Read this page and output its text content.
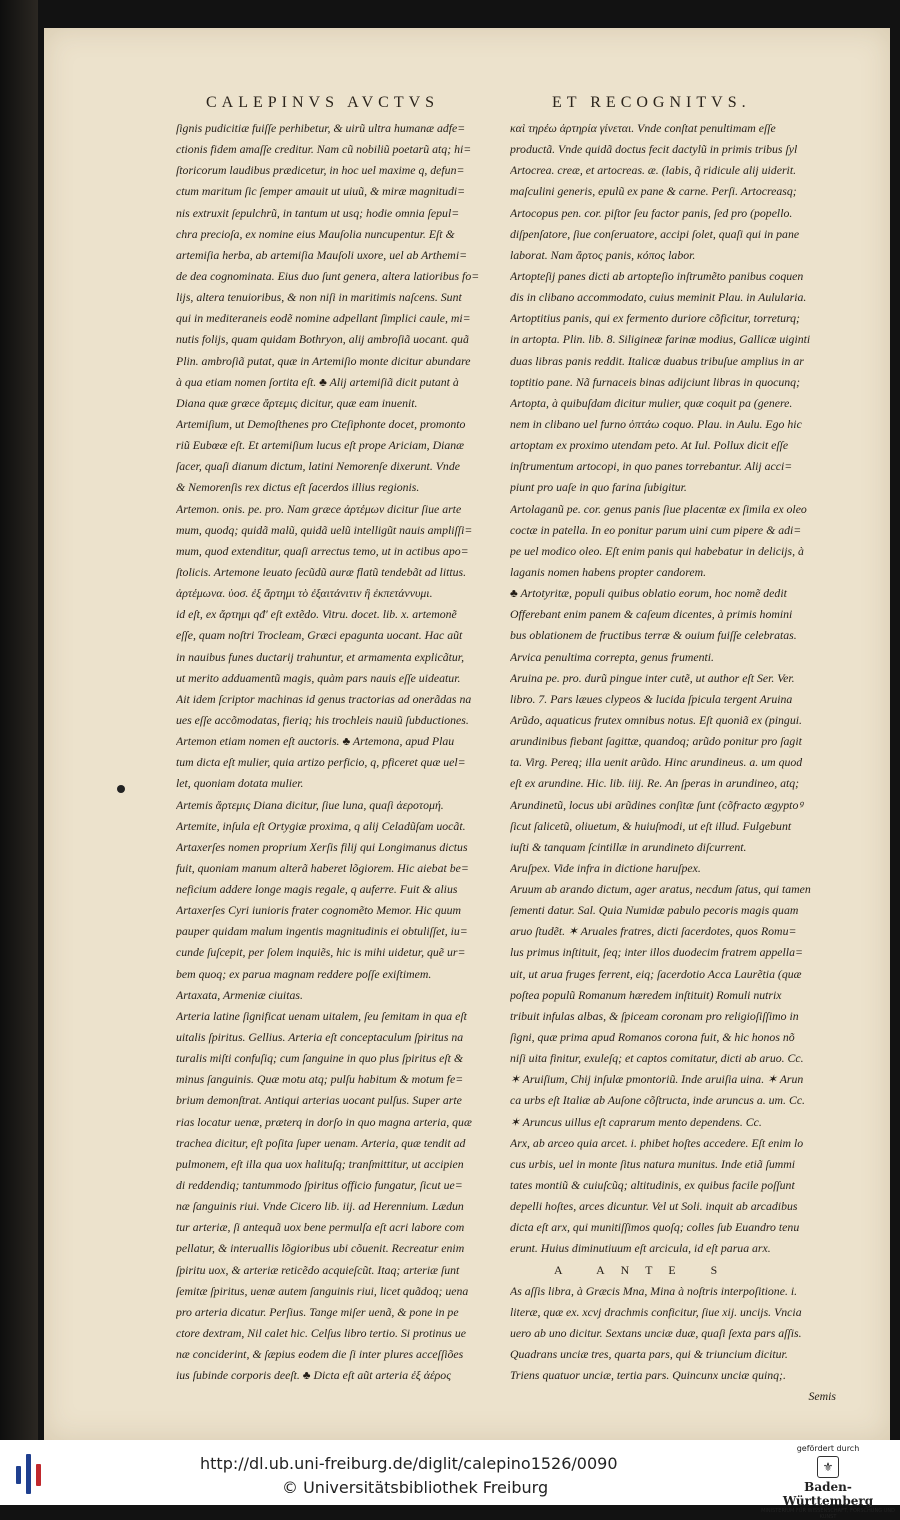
CALEPINVS AVCTVS	ET RECOGNITVS.
ſignis pudicitiæ fuiſſe perhibetur, & uirũ ultra humanæ adfe=
ctionis fidem amaſſe creditur. Nam cũ nobiliũ poetarũ atq; hi=
ſtoricorum laudibus prædicetur, in hoc uel maxime q, defun=
ctum maritum ſic ſemper amauit ut uiuũ, & miræ magnitudi=
nis extruxit ſepulchrũ, in tantum ut usq; hodie omnia ſepul=
chra precioſa, ex nomine eius Mauſolia nuncupentur. Eſt &
artemiſia herba, ab artemiſia Mauſoli uxore, uel ab Arthemi=
de dea cognominata. Eius duo ſunt genera, altera latioribus fo=
lijs, altera tenuioribus, & non niſi in maritimis naſcens. Sunt
qui in mediteraneis eodẽ nomine adpellant ſimplici caule, mi=
nutis folijs, quam quidam Bothryon, alij ambroſiã uocant. quã
Plin. ambroſiã putat, quæ in Artemiſio monte dicitur abundare
à qua etiam nomen ſortita eſt. ♣ Alij artemiſiã dicit putant à
Diana quæ græce ἄρτεμις dicitur, quæ eam inuenit.
Artemiſium, ut Demoſthenes pro Cteſiphonte docet, promonto
riũ Eubœæ eſt. Et artemiſium lucus eſt prope Ariciam, Dianæ
ſacer, quaſi dianum dictum, latini Nemorenſe dixerunt. Vnde
& Nemorenſis rex dictus eſt ſacerdos illius regionis.
Artemon. onis. pe. pro. Nam græce ἀρτέμων dicitur ſiue arte
mum, quodq; quidã malũ, quidã uelũ intelligũt nauis ampliſſi=
mum, quod extenditur, quaſi arrectus temo, ut in actibus apo=
ſtolicis. Artemone leuato ſecũdũ auræ flatũ tendebãt ad littus.
ἀρτέμωνα. ὑοσ. ἐξ ἄρτημι τὸ ἐξαιτάνιτιν ἢ ἐκπετάννυμι.
id eſt, ex ἄρτημι qđ' eſt extẽdo. Vitru. docet. lib. x. artemonẽ
eſſe, quam noſtri Trocleam, Græci epagunta uocant. Hac aũt
in nauibus funes ductarij trahuntur, et armamenta explicãtur,
ut merito adduamentũ magis, quàm pars nauis eſſe uideatur.
Ait idem ſcriptor machinas id genus tractorias ad onerãdas na
ues eſſe accõmodatas, fieriq; his trochleis nauiũ ſubductiones.
Artemon etiam nomen eſt auctoris. ♣ Artemona, apud Plau
tum dicta eſt mulier, quia artizo perficio, q, pficeret quæ uel=
let, quoniam dotata mulier.
Artemis ἄρτεμις Diana dicitur, ſiue luna, quaſi ἀεροτομή.
Artemite, inſula eſt Ortygiæ proxima, q alij Celadũſam uocãt.
Artaxerſes nomen proprium Xerſis filij qui Longimanus dictus
fuit, quoniam manum alterã haberet lõgiorem. Hic aiebat be=
neficium addere longe magis regale, q auferre. Fuit & alius
Artaxerſes Cyri iunioris frater cognomẽto Memor. Hic quum
pauper quidam malum ingentis magnitudinis ei obtuliſſet, iu=
cunde ſuſcepit, per ſolem inquiẽs, hic is mihi uidetur, quẽ ur=
bem quoq; ex parua magnam reddere poſſe exiſtimem.
Artaxata, Armeniæ ciuitas.
Arteria latine ſignificat uenam uitalem, ſeu ſemitam in qua eſt
uitalis ſpiritus. Gellius. Arteria eſt conceptaculum ſpiritus na
turalis miſti confuſiq; cum ſanguine in quo plus ſpiritus eſt &
minus ſanguinis. Quæ motu atq; pulſu habitum & motum fe=
brium demonſtrat. Antiqui arterias uocant pulſus. Super arte
rias locatur uenæ, præterq in dorſo in quo magna arteria, quæ
trachea dicitur, eſt poſita ſuper uenam. Arteria, quæ tendit ad
pulmonem, eſt illa qua uox halituſq; tranſmittitur, ut accipien
di reddendiq; tantummodo ſpiritus officio fungatur, ſicut ue=
næ ſanguinis riui. Vnde Cicero lib. iij. ad Herennium. Lædun
tur arteriæ, ſi antequã uox bene permulſa eſt acri labore com
pellatur, & interuallis lõgioribus ubi cõuenit. Recreatur enim
ſpiritu uox, & arteriæ reticẽdo acquieſcũt. Itaq; arteriæ ſunt
ſemitæ ſpiritus, uenæ autem ſanguinis riui, licet quãdoq; uena
pro arteria dicatur. Perſius. Tange miſer uenã, & pone in pe
ctore dextram, Nil calet hic. Celſus libro tertio. Si protinus ue
næ conciderint, & ſæpius eodem die ſi inter plures acceſſiões
ius ſubinde corporis deeſt. ♣ Dicta eſt aũt arteria ἐξ ἀέρος
καὶ τηρέω ἀρτηρία γίνεται. Vnde conſtat penultimam eſſe
productã. Vnde quidã doctus fecit dactylũ in primis tribus ſyl
Artocrea. creæ, et artocreas. æ. (labis, q̃ ridicule alij uiderit.
maſculini generis, epulũ ex pane & carne. Perſi. Artocreasq;
Artocopus pen. cor. piſtor ſeu factor panis, ſed pro (popello.
diſpenſatore, ſiue conſeruatore, accipi ſolet, quaſi qui in pane
laborat. Nam ἄρτος panis, κόπος labor.
Artopteſij panes dicti ab artopteſio inſtrumẽto panibus coquen
dis in clibano accommodato, cuius meminit Plau. in Aulularia.
Artoptitius panis, qui ex fermento duriore cõficitur, torreturq;
in artopta. Plin. lib. 8. Siligineæ farinæ modius, Gallicæ uiginti
duas libras panis reddit. Italicæ duabus tribuſue amplius in ar
toptitio pane. Nã furnaceis binas adijciunt libras in quocunq;
Artopta, à quibuſdam dicitur mulier, quæ coquit pa (genere.
nem in clibano uel furno ὀπτάω coquo. Plau. in Aulu. Ego hic
artoptam ex proximo utendam peto. At Iul. Pollux dicit eſſe
inſtrumentum artocopi, in quo panes torrebantur. Alij acci=
piunt pro uaſe in quo farina ſubigitur.
Artolaganũ pe. cor. genus panis ſiue placentæ ex ſimila ex oleo
coctæ in patella. In eo ponitur parum uini cum pipere & adi=
pe uel modico oleo. Eſt enim panis qui habebatur in delicijs, à
laganis nomen habens propter candorem.
♣ Artotyritæ, populi quibus oblatio eorum, hoc nomẽ dedit
Offerebant enim panem & caſeum dicentes, à primis homini
bus oblationem de fructibus terræ & ouium fuiſſe celebratas.
Arvica penultima correpta, genus frumenti.
Aruina pe. pro. durũ pingue inter cutẽ, ut author eſt Ser. Ver.
libro. 7. Pars læues clypeos & lucida ſpicula tergent Aruina
Arũdo, aquaticus frutex omnibus notus. Eſt quoniã ex (pingui.
arundinibus fiebant ſagittæ, quandoq; arũdo ponitur pro ſagit
ta. Virg. Pereq; illa uenit arũdo. Hinc arundineus. a. um quod
eſt ex arundine. Hic. lib. iiij. Re. An ſperas in arundineo, atq;
Arundinetũ, locus ubi arũdines conſitæ ſunt (cõfracto ægyptoꝰ
ſicut ſalicetũ, oliuetum, & huiuſmodi, ut eſt illud. Fulgebunt
iuſti & tanquam ſcintillæ in arundineto diſcurrent.
Aruſpex. Vide infra in dictione haruſpex.
Aruum ab arando dictum, ager aratus, necdum ſatus, qui tamen
ſementi datur. Sal. Quia Numidæ pabulo pecoris magis quam
aruo ſtudẽt. ✶ Aruales fratres, dicti ſacerdotes, quos Romu=
lus primus inſtituit, ſeq; inter illos duodecim fratrem appella=
uit, ut arua fruges ferrent, eiq; ſacerdotio Acca Laurẽtia (quæ
poſtea populũ Romanum hæredem inſtituit) Romuli nutrix
tribuit infulas albas, & ſpiceam coronam pro religioſiſſimo in
ſigni, quæ prima apud Romanos corona fuit, & hic honos nõ
niſi uita finitur, exuleſq; et captos comitatur, dicti ab aruo. Cc.
✶ Aruiſium, Chij inſulæ pmontoriũ. Inde aruiſia uina. ✶ Arun
ca urbs eſt Italiæ ab Auſone cõſtructa, inde aruncus a. um. Cc.
✶ Aruncus uillus eſt caprarum mento dependens. Cc.
Arx, ab arceo quia arcet. i. phibet hoſtes accedere. Eſt enim lo
cus urbis, uel in monte ſitus natura munitus. Inde etiã ſummi
tates montiũ & cuiuſcũq; altitudinis, ex quibus facile poſſunt
depelli hoſtes, arces dicuntur. Vel ut Soli. inquit ab arcadibus
dicta eſt arx, qui munitiſſimos quoſq; colles ſub Euandro tenu
erunt. Huius diminutiuum eſt arcicula, id eſt parua arx.
A ANTE S
As aſſis libra, à Græcis Mna, Mina à noſtris interpoſitione. i.
literæ, quæ ex. xcvj drachmis conficitur, ſiue xij. uncijs. Vncia
uero ab uno dicitur. Sextans unciæ duæ, quaſi ſexta pars aſſis.
Quadrans unciæ tres, quarta pars, qui & triuncium dicitur.
Triens quatuor unciæ, tertia pars. Quincunx unciæ quinq;.
Semis
http://dl.ub.uni-freiburg.de/diglit/calepino1526/0090
© Universitätsbibliothek Freiburg
gefördert durch
⚜
Baden-Württemberg
MINISTERIUM FÜR WISSENSCHAFT, FORSCHUNG UND KUNST
